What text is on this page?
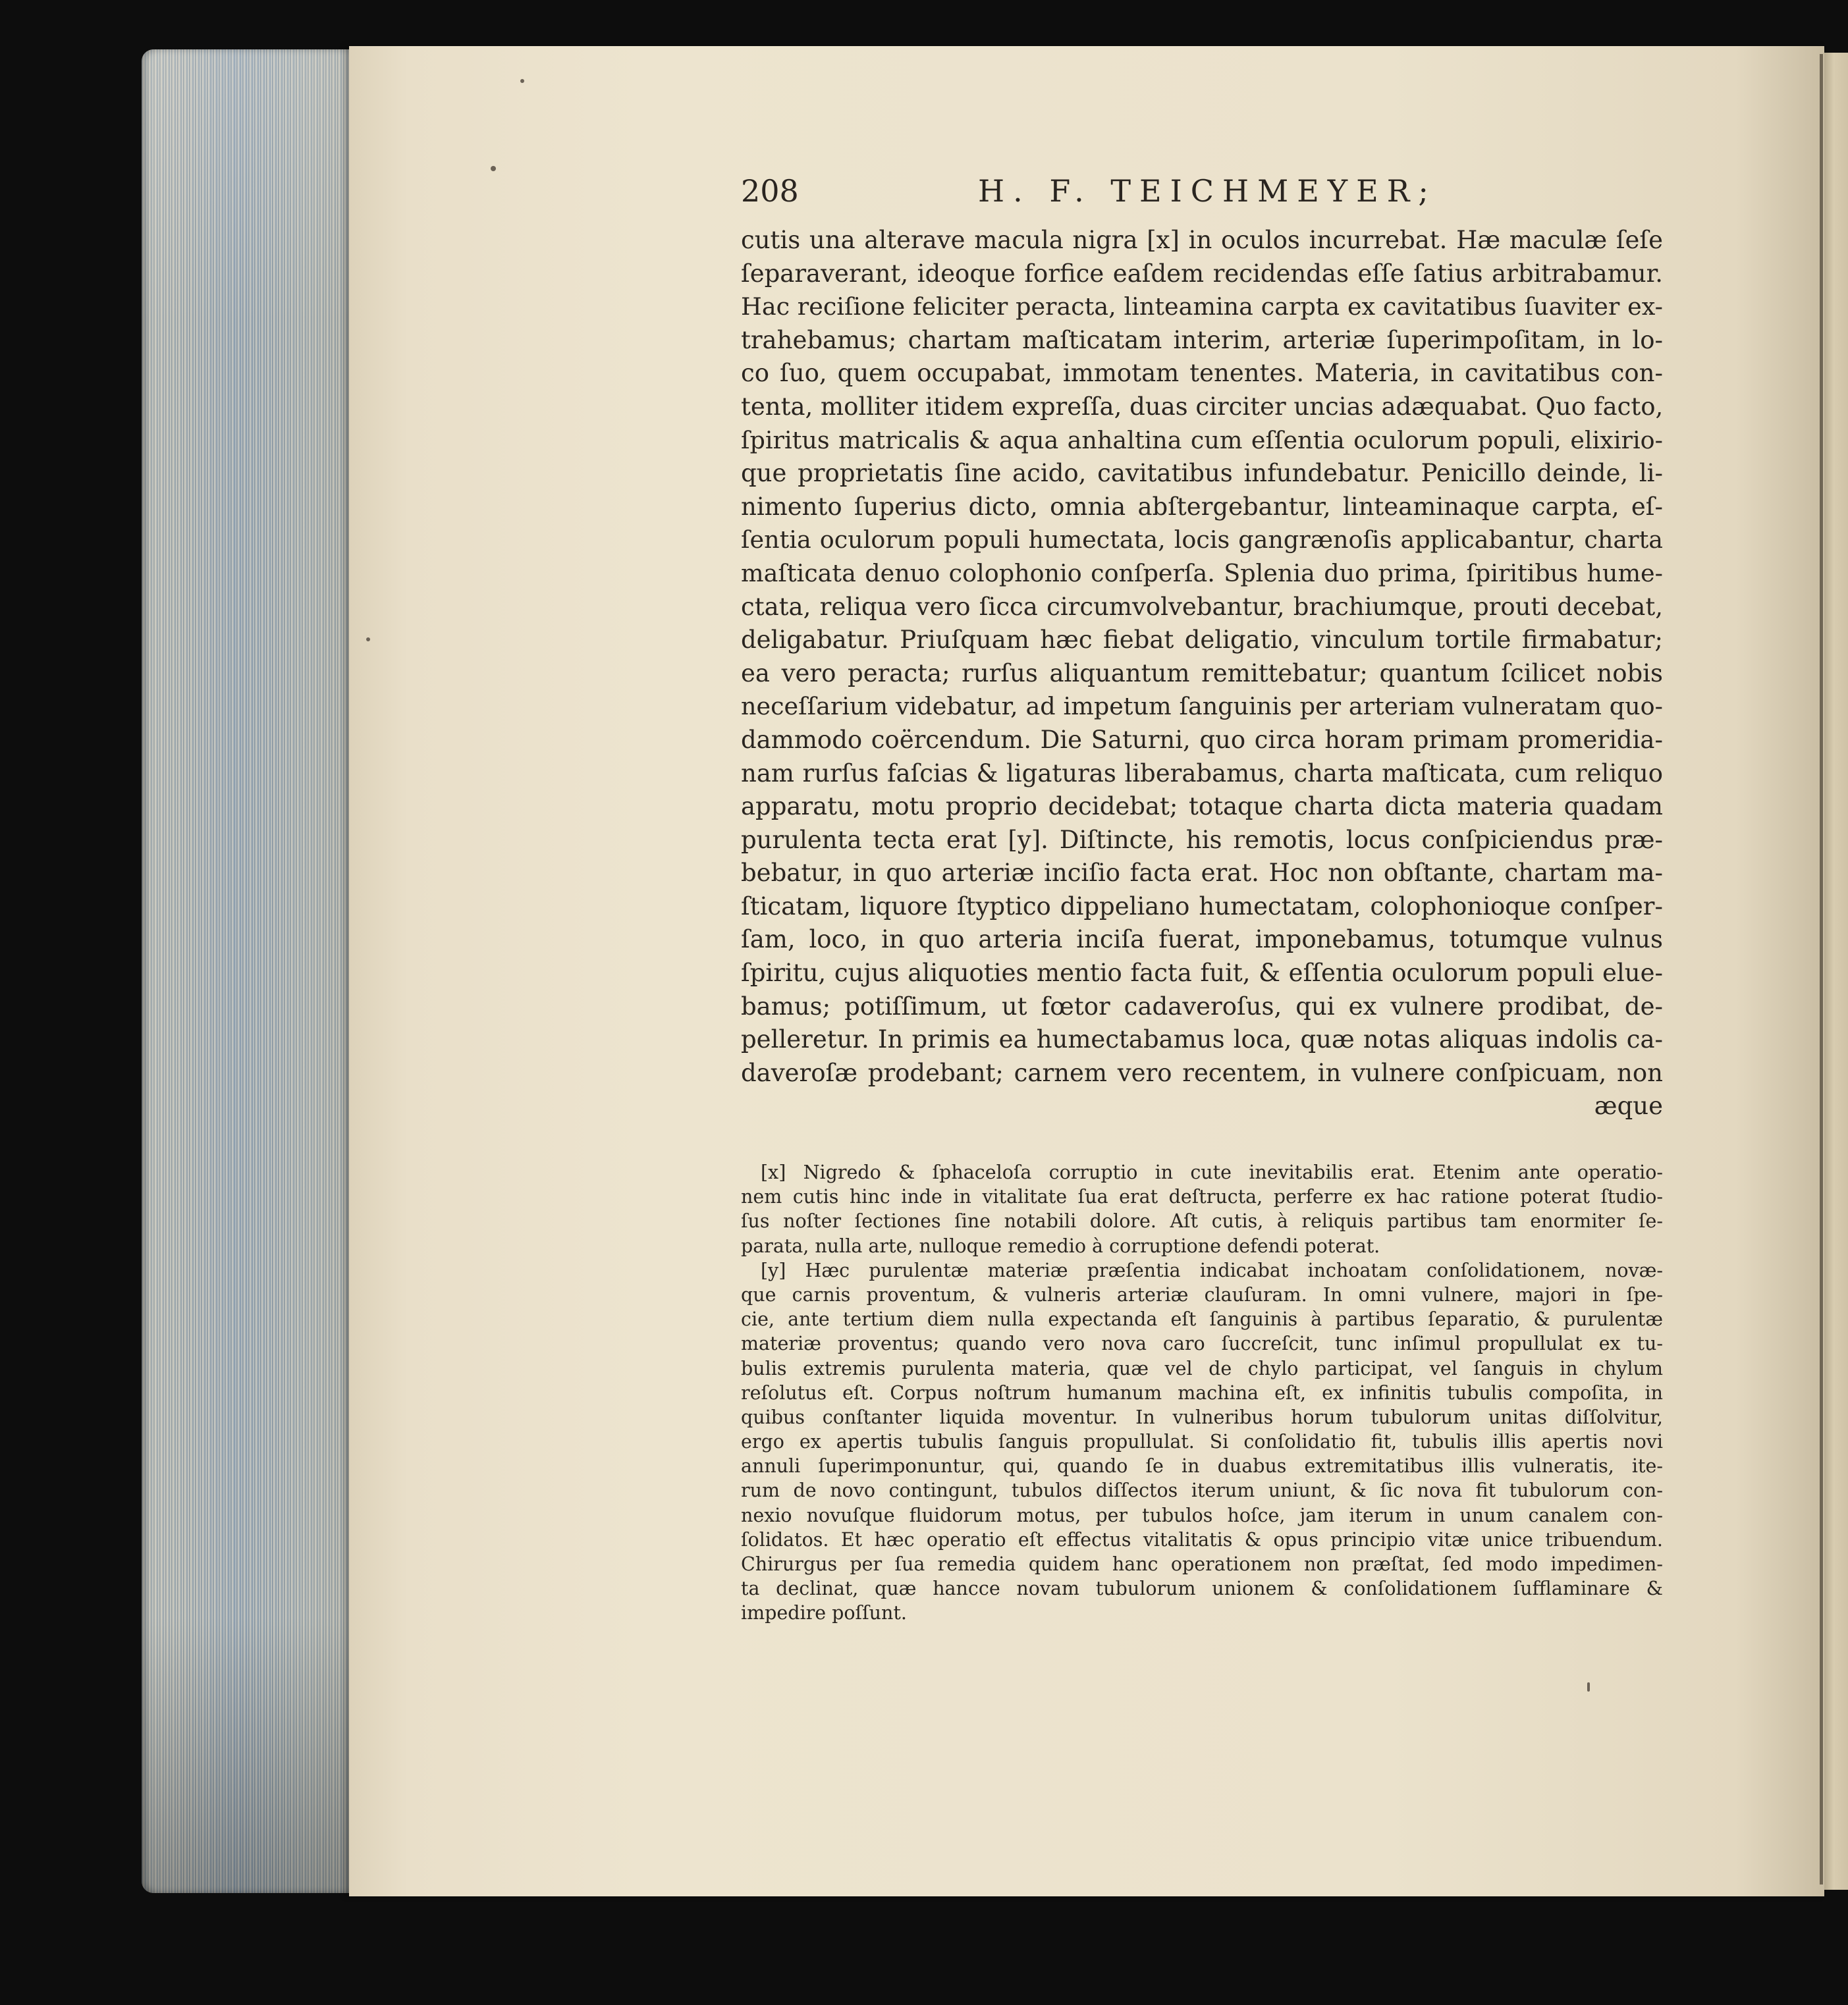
208	H. F. TEICHMEYER;
cutis una alterave macula nigra [x] in oculos incurrebat. Hæ maculæ ſeſe
ſeparaverant, ideoque forfice eaſdem recidendas eſſe ſatius arbitrabamur.
Hac reciſione feliciter peracta, linteamina carpta ex cavitatibus ſuaviter ex-
trahebamus; chartam maſticatam interim, arteriæ ſuperimpoſitam, in lo-
co ſuo, quem occupabat, immotam tenentes. Materia, in cavitatibus con-
tenta, molliter itidem expreſſa, duas circiter uncias adæquabat. Quo facto,
ſpiritus matricalis & aqua anhaltina cum eſſentia oculorum populi, elixirio-
que proprietatis ſine acido, cavitatibus infundebatur. Penicillo deinde, li-
nimento ſuperius dicto, omnia abſtergebantur, linteaminaque carpta, eſ-
ſentia oculorum populi humectata, locis gangrænoſis applicabantur, charta
maſticata denuo colophonio conſperſa. Splenia duo prima, ſpiritibus hume-
ctata, reliqua vero ſicca circumvolvebantur, brachiumque, prouti decebat,
deligabatur. Priuſquam hæc fiebat deligatio, vinculum tortile firmabatur;
ea vero peracta; rurſus aliquantum remittebatur; quantum ſcilicet nobis
neceſſarium videbatur, ad impetum ſanguinis per arteriam vulneratam quo-
dammodo coërcendum. Die Saturni, quo circa horam primam promeridia-
nam rurſus faſcias & ligaturas liberabamus, charta maſticata, cum reliquo
apparatu, motu proprio decidebat; totaque charta dicta materia quadam
purulenta tecta erat [y]. Diſtincte, his remotis, locus conſpiciendus præ-
bebatur, in quo arteriæ inciſio facta erat. Hoc non obſtante, chartam ma-
ſticatam, liquore ſtyptico dippeliano humectatam, colophonioque conſper-
ſam, loco, in quo arteria inciſa fuerat, imponebamus, totumque vulnus
ſpiritu, cujus aliquoties mentio facta fuit, & eſſentia oculorum populi elue-
bamus; potiſſimum, ut fœtor cadaveroſus, qui ex vulnere prodibat, de-
pelleretur. In primis ea humectabamus loca, quæ notas aliquas indolis ca-
daveroſæ prodebant; carnem vero recentem, in vulnere conſpicuam, non
æque
[x] Nigredo & ſphaceloſa corruptio in cute inevitabilis erat. Etenim ante operatio-
nem cutis hinc inde in vitalitate ſua erat deſtructa, perferre ex hac ratione poterat ſtudio-
ſus noſter ſectiones ſine notabili dolore. Aſt cutis, à reliquis partibus tam enormiter ſe-
parata, nulla arte, nulloque remedio à corruptione defendi poterat.
[y] Hæc purulentæ materiæ præſentia indicabat inchoatam conſolidationem, novæ-
que carnis proventum, & vulneris arteriæ clauſuram. In omni vulnere, majori in ſpe-
cie, ante tertium diem nulla expectanda eſt ſanguinis à partibus ſeparatio, & purulentæ
materiæ proventus; quando vero nova caro ſuccreſcit, tunc inſimul propullulat ex tu-
bulis extremis purulenta materia, quæ vel de chylo participat, vel ſanguis in chylum
reſolutus eſt. Corpus noſtrum humanum machina eſt, ex infinitis tubulis compoſita, in
quibus conſtanter liquida moventur. In vulneribus horum tubulorum unitas diſſolvitur,
ergo ex apertis tubulis ſanguis propullulat. Si conſolidatio fit, tubulis illis apertis novi
annuli ſuperimponuntur, qui, quando ſe in duabus extremitatibus illis vulneratis, ite-
rum de novo contingunt, tubulos diſſectos iterum uniunt, & ſic nova fit tubulorum con-
nexio novuſque fluidorum motus, per tubulos hoſce, jam iterum in unum canalem con-
ſolidatos. Et hæc operatio eſt effectus vitalitatis & opus principio vitæ unice tribuendum.
Chirurgus per ſua remedia quidem hanc operationem non præſtat, ſed modo impedimen-
ta declinat, quæ hancce novam tubulorum unionem & conſolidationem ſufflaminare &
impedire poſſunt.
